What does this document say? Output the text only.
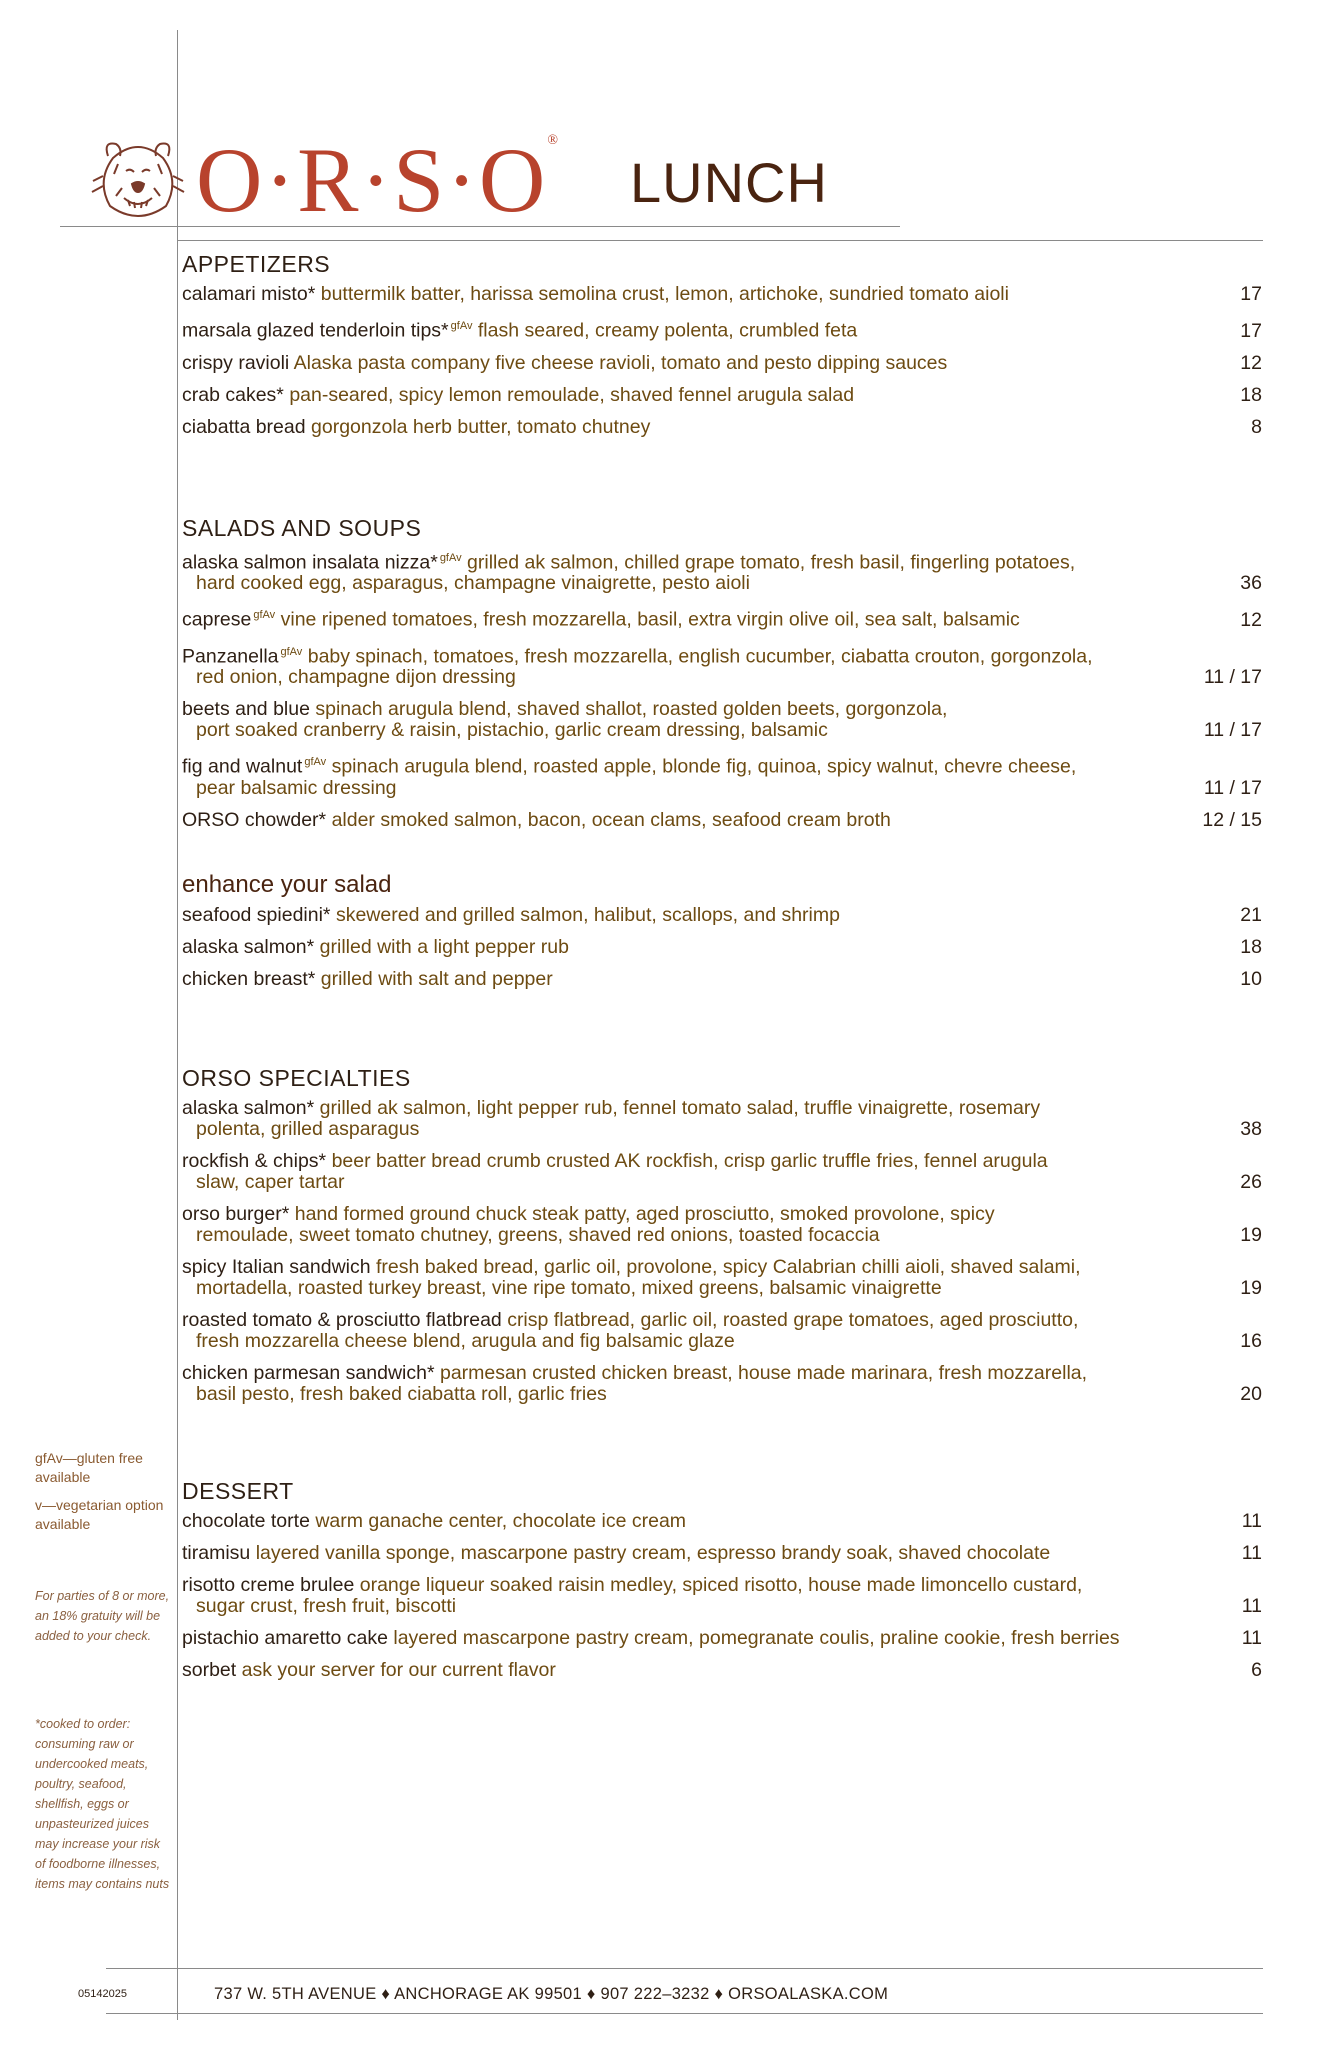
O·R·S·O®
LUNCH
APPETIZERS
calamari misto* buttermilk batter, harissa semolina crust, lemon, artichoke, sundried tomato aioli	17
marsala glazed tenderloin tips* $^{gfAv}$ flash seared, creamy polenta, crumbled feta	17
crispy ravioli Alaska pasta company five cheese ravioli, tomato and pesto dipping sauces	12
crab cakes* pan-seared, spicy lemon remoulade, shaved fennel arugula salad	18
ciabatta bread gorgonzola herb butter, tomato chutney	8
SALADS AND SOUPS
alaska salmon insalata nizza* $^{gfAv}$ grilled ak salmon, chilled grape tomato, fresh basil, fingerling potatoes,
hard cooked egg, asparagus, champagne vinaigrette, pesto aioli	36
caprese $^{gfAv}$ vine ripened tomatoes, fresh mozzarella, basil, extra virgin olive oil, sea salt, balsamic	12
Panzanella $^{gfAv}$ baby spinach, tomatoes, fresh mozzarella, english cucumber, ciabatta crouton, gorgonzola,
red onion, champagne dijon dressing	11 / 17
beets and blue spinach arugula blend, shaved shallot, roasted golden beets, gorgonzola,
port soaked cranberry & raisin, pistachio, garlic cream dressing, balsamic	11 / 17
fig and walnut $^{gfAv}$ spinach arugula blend, roasted apple, blonde fig, quinoa, spicy walnut, chevre cheese,
pear balsamic dressing	11 / 17
ORSO chowder* alder smoked salmon, bacon, ocean clams, seafood cream broth	12 / 15
enhance your salad
seafood spiedini* skewered and grilled salmon, halibut, scallops, and shrimp	21
alaska salmon* grilled with a light pepper rub	18
chicken breast* grilled with salt and pepper	10
ORSO SPECIALTIES
alaska salmon* grilled ak salmon, light pepper rub, fennel tomato salad, truffle vinaigrette, rosemary
polenta, grilled asparagus	38
rockfish & chips* beer batter bread crumb crusted AK rockfish, crisp garlic truffle fries, fennel arugula
slaw, caper tartar	26
orso burger* hand formed ground chuck steak patty, aged prosciutto, smoked provolone, spicy
remoulade, sweet tomato chutney, greens, shaved red onions, toasted focaccia	19
spicy Italian sandwich fresh baked bread, garlic oil, provolone, spicy Calabrian chilli aioli, shaved salami,
mortadella, roasted turkey breast, vine ripe tomato, mixed greens, balsamic vinaigrette	19
roasted tomato & prosciutto flatbread crisp flatbread, garlic oil, roasted grape tomatoes, aged prosciutto,
fresh mozzarella cheese blend, arugula and fig balsamic glaze	16
chicken parmesan sandwich* parmesan crusted chicken breast, house made marinara, fresh mozzarella,
basil pesto, fresh baked ciabatta roll, garlic fries	20
DESSERT
chocolate torte warm ganache center, chocolate ice cream	11
tiramisu layered vanilla sponge, mascarpone pastry cream, espresso brandy soak, shaved chocolate	11
risotto creme brulee orange liqueur soaked raisin medley, spiced risotto, house made limoncello custard,
sugar crust, fresh fruit, biscotti	11
pistachio amaretto cake layered mascarpone pastry cream, pomegranate coulis, praline cookie, fresh berries	11
sorbet ask your server for our current flavor	6
gfAv—gluten free available
v—vegetarian option available
For parties of 8 or more, an 18% gratuity will be added to your check.
*cooked to order: consuming raw or undercooked meats, poultry, seafood, shellfish, eggs or unpasteurized juices may increase your risk of foodborne illnesses, items may contains nuts
05142025	737 W. 5TH AVENUE ♦ ANCHORAGE AK 99501 ♦ 907 222–3232 ♦ ORSOALASKA.COM
